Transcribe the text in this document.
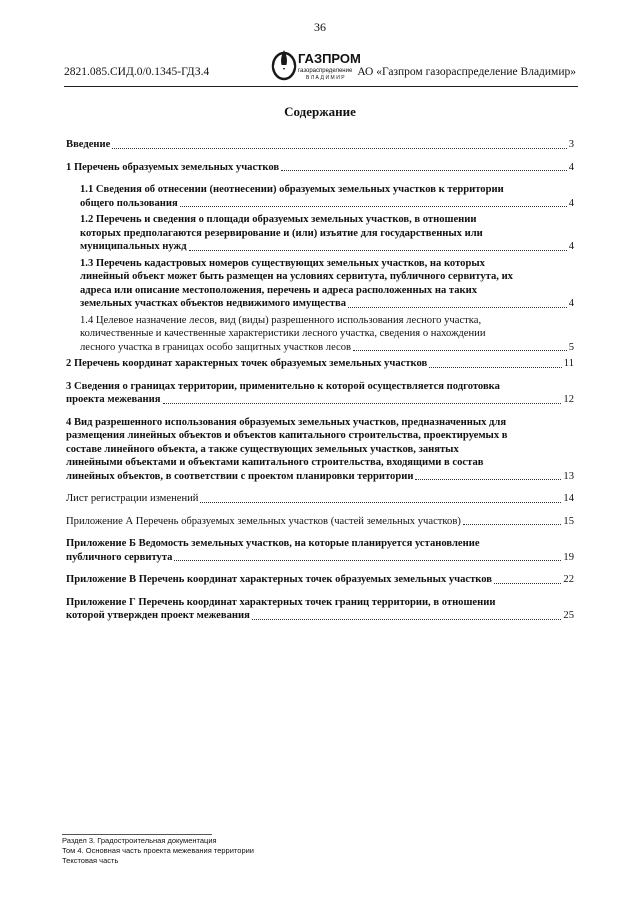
36
2821.085.СИД.0/0.1345-ГДЗ.4
ГАЗПРОМ
газораспределение
ВЛАДИМИР АО «Газпром газораспределение Владимир»
Содержание
Введение	3
1 Перечень образуемых земельных участков	4
1.1 Сведения об отнесении (неотнесении) образуемых земельных участков к территории
общего пользования	4
1.2 Перечень и сведения о площади образуемых земельных участков, в отношении
которых предполагаются резервирование и (или) изъятие для государственных или
муниципальных нужд	4
1.3 Перечень кадастровых номеров существующих земельных участков, на которых
линейный объект может быть размещен на условиях сервитута, публичного сервитута, их
адреса или описание местоположения, перечень и адреса расположенных на таких
земельных участках объектов недвижимого имущества	4
1.4 Целевое назначение лесов, вид (виды) разрешенного использования лесного участка,
количественные и качественные характеристики лесного участка, сведения о нахождении
лесного участка в границах особо защитных участков лесов	5
2 Перечень координат характерных точек образуемых земельных участков	11
3 Сведения о границах территории, применительно к которой осуществляется подготовка
проекта межевания	12
4 Вид разрешенного использования образуемых земельных участков, предназначенных для
размещения линейных объектов и объектов капитального строительства, проектируемых в
составе линейного объекта, а также существующих земельных участков, занятых
линейными объектами и объектами капитального строительства, входящими в состав
линейных объектов, в соответствии с проектом планировки территории	13
Лист регистрации изменений	14
Приложение А Перечень образуемых земельных участков (частей земельных участков)	15
Приложение Б Ведомость земельных участков, на которые планируется установление
публичного сервитута	19
Приложение В Перечень координат характерных точек образуемых земельных участков	22
Приложение Г Перечень координат характерных точек границ территории, в отношении
которой утвержден проект межевания	25
Раздел 3. Градостроительная документация
Том 4. Основная часть проекта межевания территории
Текстовая часть
